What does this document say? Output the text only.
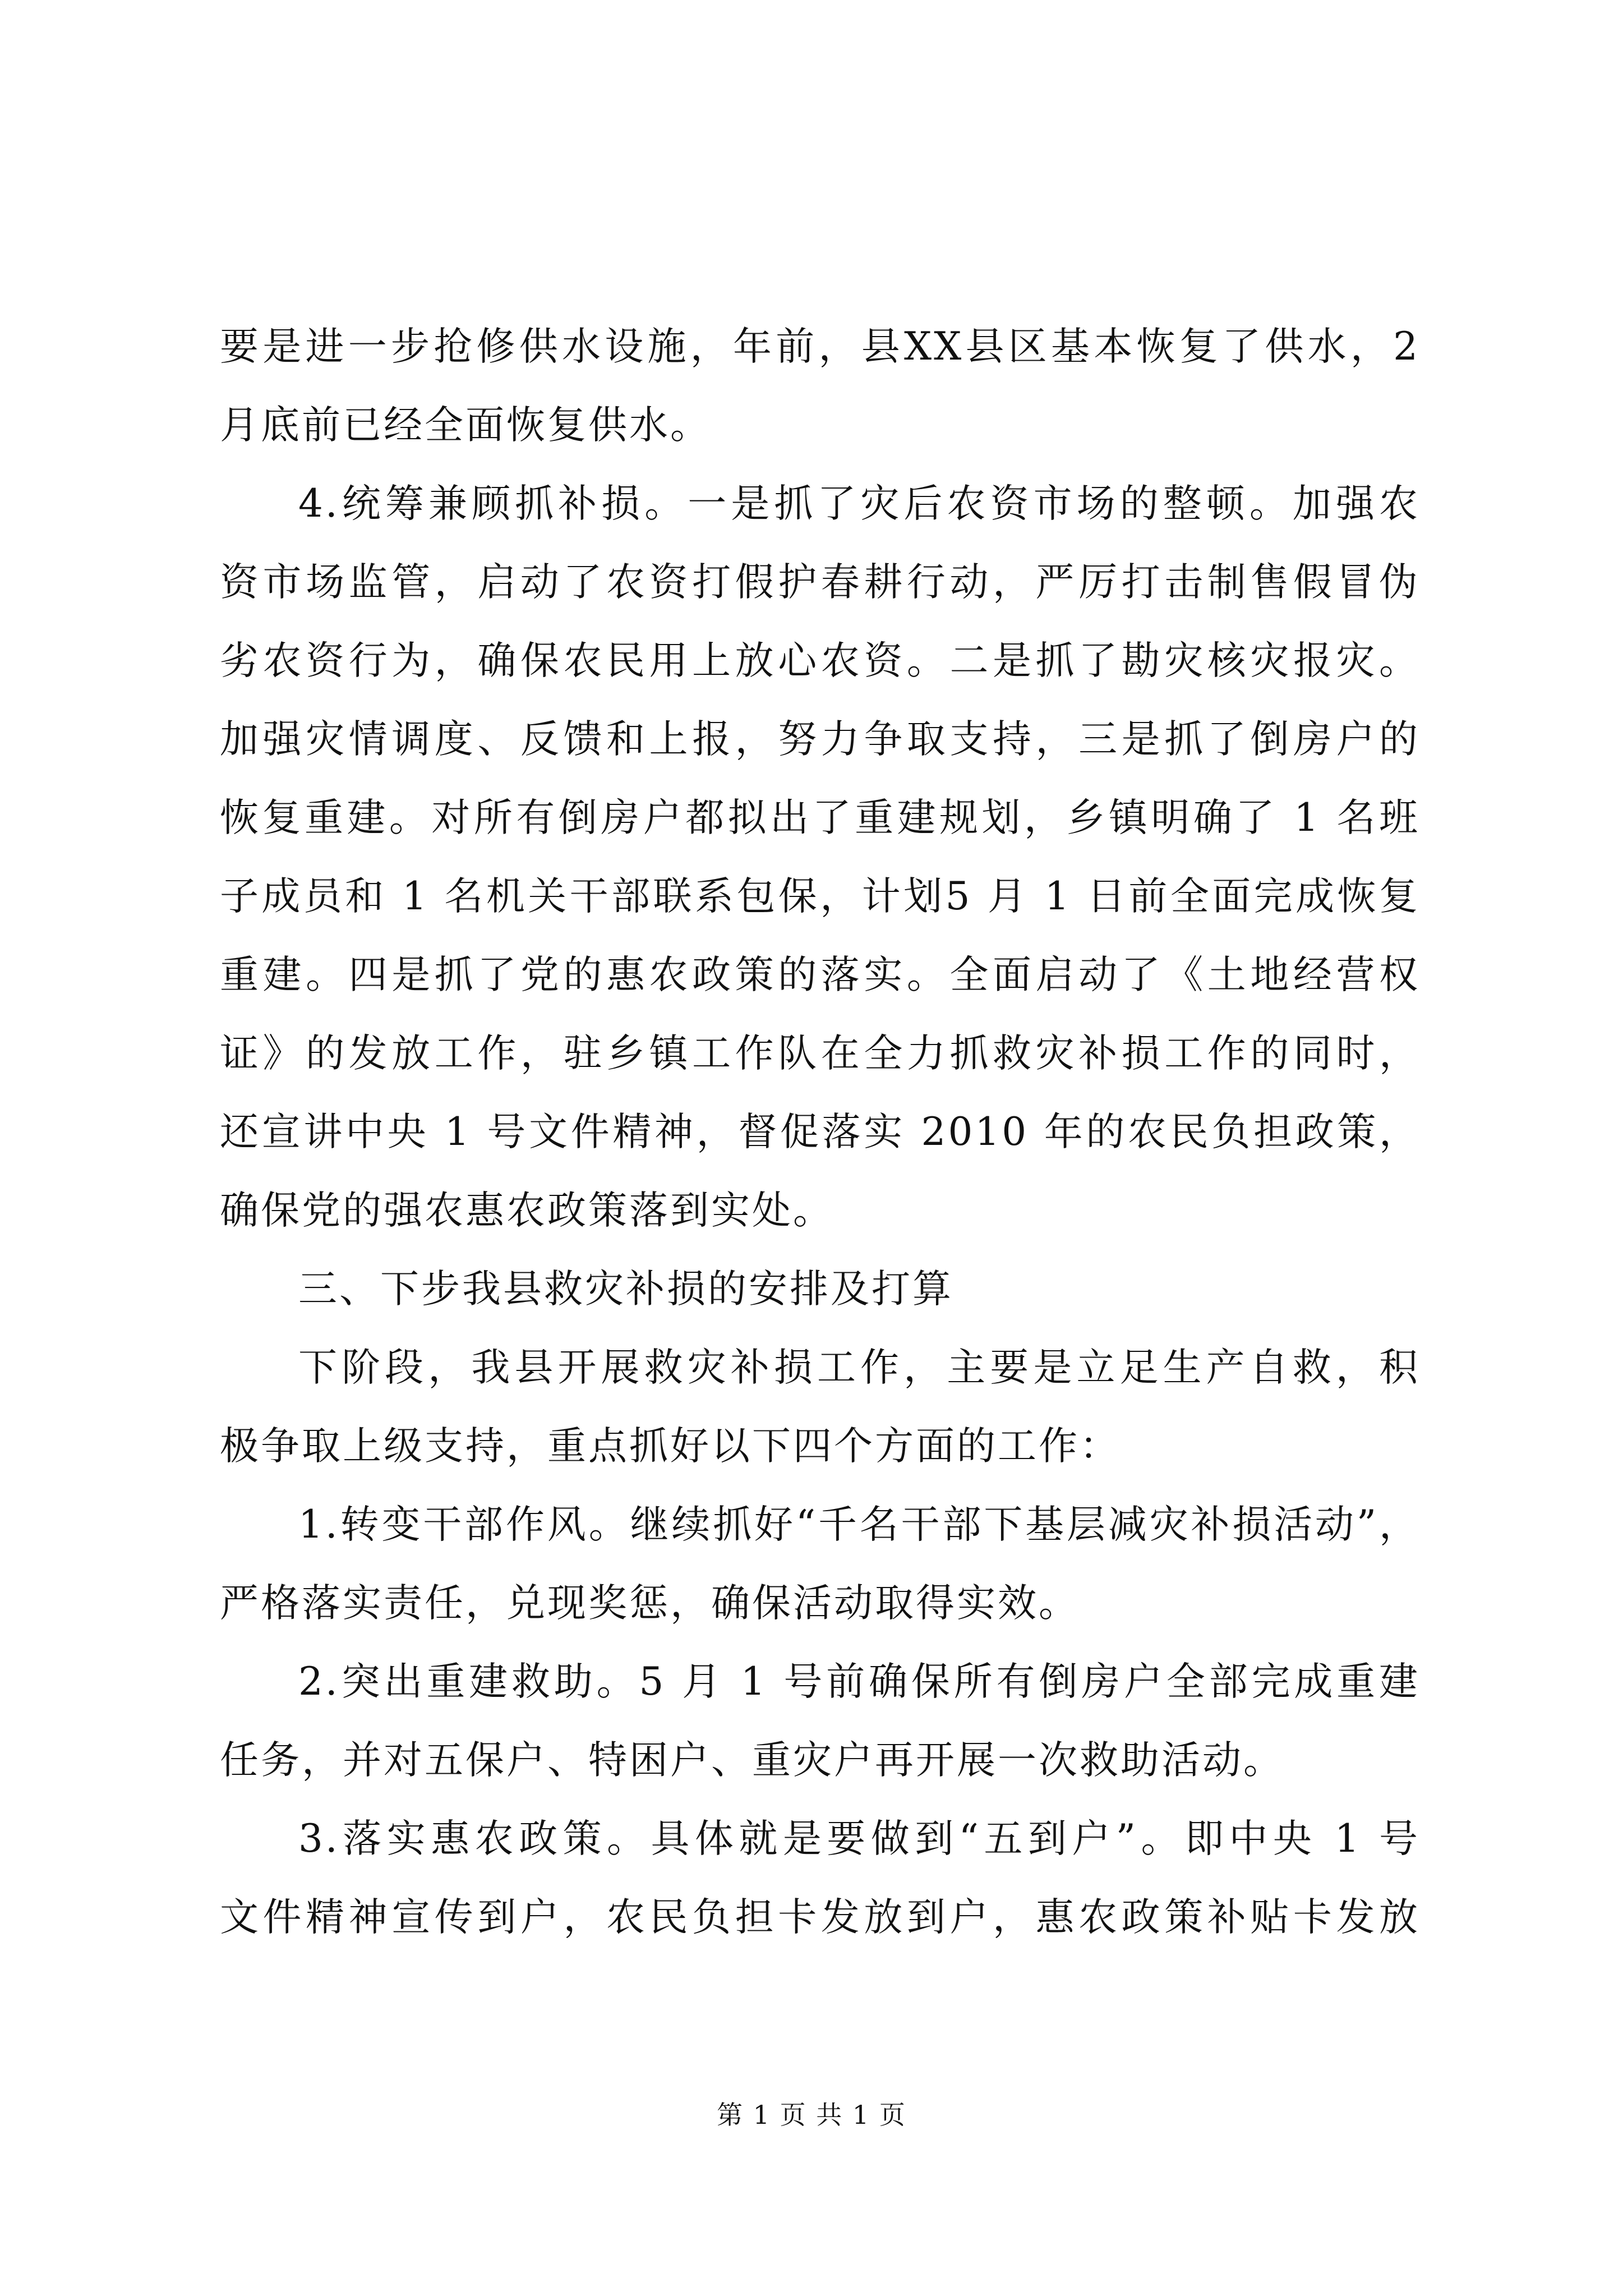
要是进一步抢修供水设施，年前，县XX县区基本恢复了供水，2
月底前已经全面恢复供水。
4.统筹兼顾抓补损。一是抓了灾后农资市场的整顿。加强农
资市场监管，启动了农资打假护春耕行动，严厉打击制售假冒伪
劣农资行为，确保农民用上放心农资。二是抓了勘灾核灾报灾。
加强灾情调度、反馈和上报，努力争取支持，三是抓了倒房户的
恢复重建。对所有倒房户都拟出了重建规划，乡镇明确了 1 名班
子成员和 1 名机关干部联系包保，计划5 月 1 日前全面完成恢复
重建。四是抓了党的惠农政策的落实。全面启动了《土地经营权
证》的发放工作，驻乡镇工作队在全力抓救灾补损工作的同时，
还宣讲中央 1 号文件精神，督促落实 2010 年的农民负担政策，
确保党的强农惠农政策落到实处。
三、下步我县救灾补损的安排及打算
下阶段，我县开展救灾补损工作，主要是立足生产自救，积
极争取上级支持，重点抓好以下四个方面的工作：
1.转变干部作风。继续抓好“千名干部下基层减灾补损活动”，
严格落实责任，兑现奖惩，确保活动取得实效。
2.突出重建救助。5 月 1 号前确保所有倒房户全部完成重建
任务，并对五保户、特困户、重灾户再开展一次救助活动。
3.落实惠农政策。具体就是要做到“五到户”。即中央 1 号
文件精神宣传到户，农民负担卡发放到户，惠农政策补贴卡发放
第 1 页 共 1 页
